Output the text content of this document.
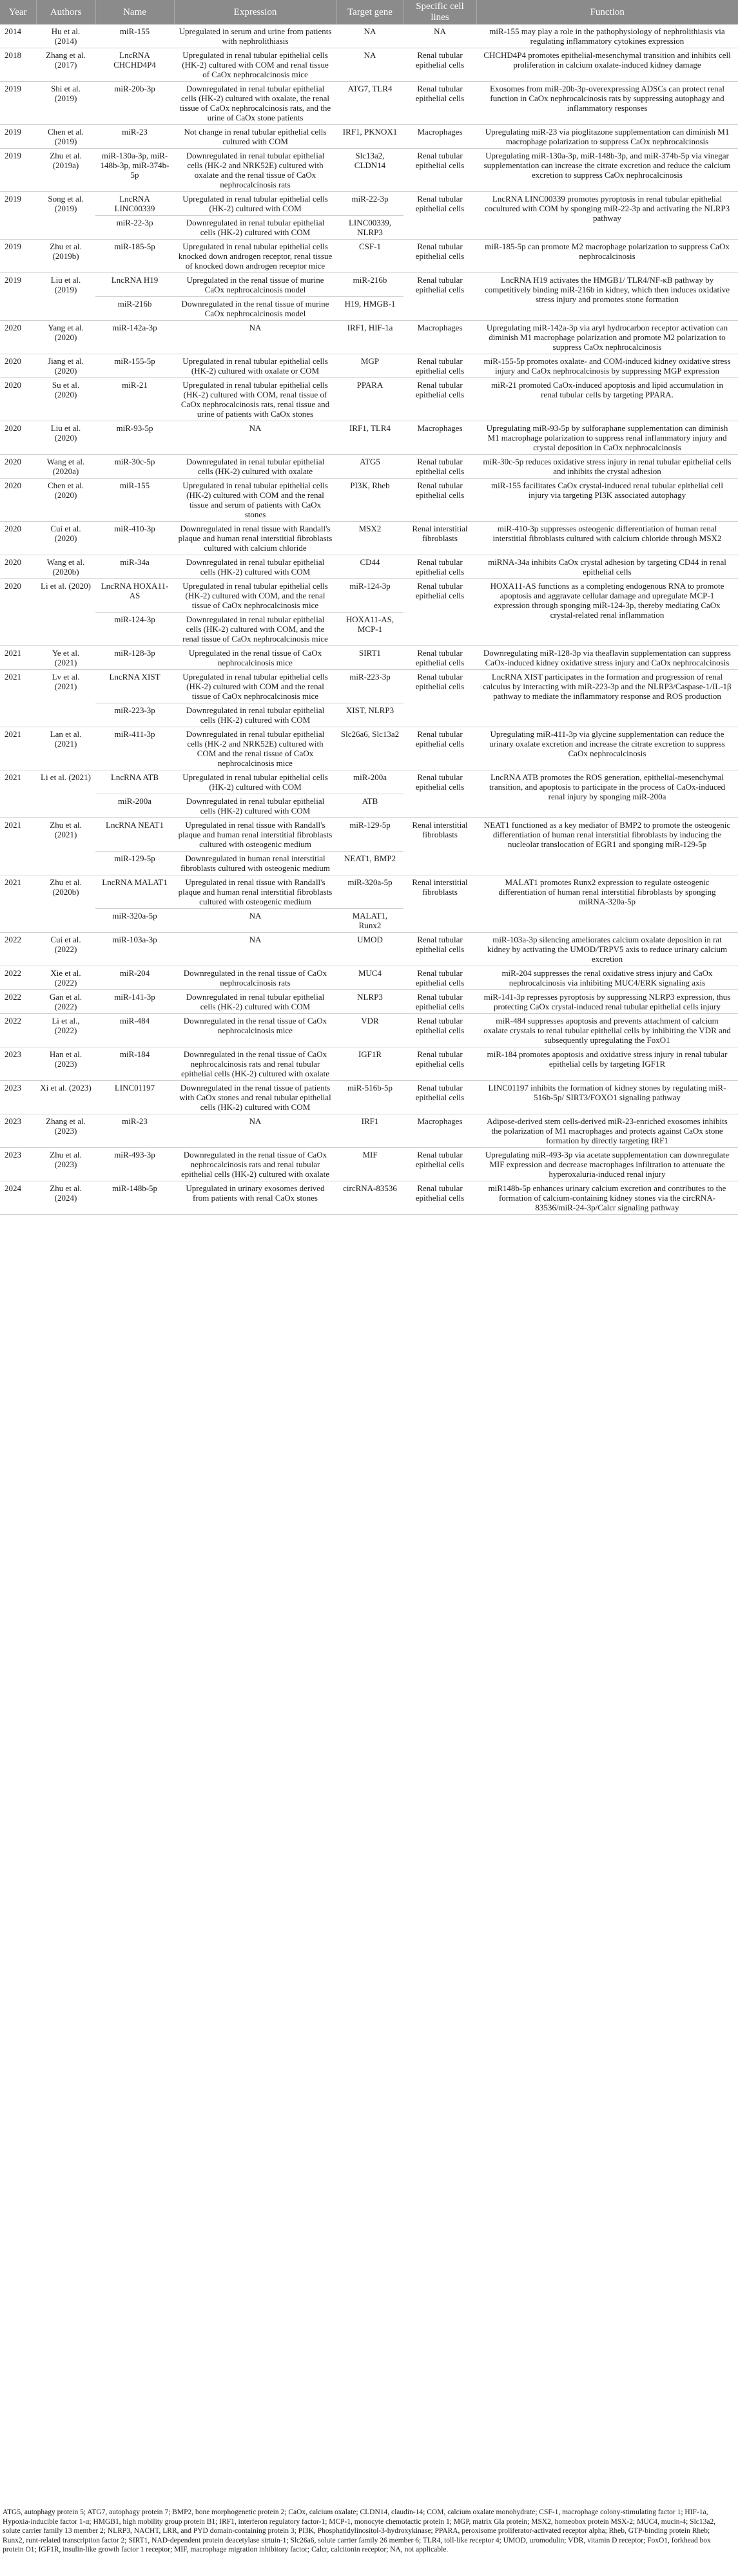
Year	Authors	Name	Expression	Target gene	Specific cell lines	Function
2014	Hu et al. (2014)	miR-155	Upregulated in serum and urine from patients with nephrolithiasis	NA	NA	miR-155 may play a role in the pathophysiology of nephrolithiasis via regulating inflammatory cytokines expression
2018	Zhang et al. (2017)	LncRNA CHCHD4P4	Upregulated in renal tubular epithelial cells (HK-2) cultured with COM and renal tissue of CaOx nephrocalcinosis mice	NA	Renal tubular epithelial cells	CHCHD4P4 promotes epithelial-mesenchymal transition and inhibits cell proliferation in calcium oxalate-induced kidney damage
2019	Shi et al. (2019)	miR-20b-3p	Downregulated in renal tubular epithelial cells (HK-2) cultured with oxalate, the renal tissue of CaOx nephrocalcinosis rats, and the urine of CaOx stone patients	ATG7, TLR4	Renal tubular epithelial cells	Exosomes from miR-20b-3p-overexpressing ADSCs can protect renal function in CaOx nephrocalcinosis rats by suppressing autophagy and inflammatory responses
2019	Chen et al. (2019)	miR-23	Not change in renal tubular epithelial cells cultured with COM	IRF1, PKNOX1	Macrophages	Upregulating miR-23 via pioglitazone supplementation can diminish M1 macrophage polarization to suppress CaOx nephrocalcinosis
2019	Zhu et al. (2019a)	miR-130a-3p, miR-148b-3p, miR-374b-5p	Downregulated in renal tubular epithelial cells (HK-2 and NRK52E) cultured with oxalate and the renal tissue of CaOx nephrocalcinosis rats	Slc13a2, CLDN14	Renal tubular epithelial cells	Upregulating miR-130a-3p, miR-148b-3p, and miR-374b-5p via vinegar supplementation can increase the citrate excretion and reduce the calcium excretion to suppress CaOx nephrocalcinosis
2019	Song et al. (2019)	LncRNA LINC00339	Upregulated in renal tubular epithelial cells (HK-2) cultured with COM	miR-22-3p	Renal tubular epithelial cells	LncRNA LINC00339 promotes pyroptosis in renal tubular epithelial cocultured with COM by sponging miR-22-3p and activating the NLRP3 pathway
		miR-22-3p	Downregulated in renal tubular epithelial cells (HK-2) cultured with COM	LINC00339, NLRP3		
2019	Zhu et al. (2019b)	miR-185-5p	Upregulated in renal tubular epithelial cells knocked down androgen receptor, renal tissue of knocked down androgen receptor mice	CSF-1	Renal tubular epithelial cells	miR-185-5p can promote M2 macrophage polarization to suppress CaOx nephrocalcinosis
2019	Liu et al. (2019)	LncRNA H19	Upregulated in the renal tissue of murine CaOx nephrocalcinosis model	miR-216b	Renal tubular epithelial cells	LncRNA H19 activates the HMGB1/ TLR4/NF-κB pathway by competitively binding miR-216b in kidney, which then induces oxidative stress injury and promotes stone formation
		miR-216b	Downregulated in the renal tissue of murine CaOx nephrocalcinosis model	H19, HMGB-1		
2020	Yang et al. (2020)	miR-142a-3p	NA	IRF1, HIF-1a	Macrophages	Upregulating miR-142a-3p via aryl hydrocarbon receptor activation can diminish M1 macrophage polarization and promote M2 polarization to suppress CaOx nephrocalcinosis
2020	Jiang et al. (2020)	miR-155-5p	Upregulated in renal tubular epithelial cells (HK-2) cultured with oxalate or COM	MGP	Renal tubular epithelial cells	miR-155-5p promotes oxalate- and COM-induced kidney oxidative stress injury and CaOx nephrocalcinosis by suppressing MGP expression
2020	Su et al. (2020)	miR-21	Upregulated in renal tubular epithelial cells (HK-2) cultured with COM, renal tissue of CaOx nephrocalcinosis rats, renal tissue and urine of patients with CaOx stones	PPARA	Renal tubular epithelial cells	miR-21 promoted CaOx-induced apoptosis and lipid accumulation in renal tubular cells by targeting PPARA.
2020	Liu et al. (2020)	miR-93-5p	NA	IRF1, TLR4	Macrophages	Upregulating miR-93-5p by sulforaphane supplementation can diminish M1 macrophage polarization to suppress renal inflammatory injury and crystal deposition in CaOx nephrocalcinosis
2020	Wang et al. (2020a)	miR-30c-5p	Downregulated in renal tubular epithelial cells (HK-2) cultured with oxalate	ATG5	Renal tubular epithelial cells	miR-30c-5p reduces oxidative stress injury in renal tubular epithelial cells and inhibits the crystal adhesion
2020	Chen et al. (2020)	miR-155	Upregulated in renal tubular epithelial cells (HK-2) cultured with COM and the renal tissue and serum of patients with CaOx stones	PI3K, Rheb	Renal tubular epithelial cells	miR-155 facilitates CaOx crystal-induced renal tubular epithelial cell injury via targeting PI3K associated autophagy
2020	Cui et al. (2020)	miR-410-3p	Downregulated in renal tissue with Randall's plaque and human renal interstitial fibroblasts cultured with calcium chloride	MSX2	Renal interstitial fibroblasts	miR-410-3p suppresses osteogenic differentiation of human renal interstitial fibroblasts cultured with calcium chloride through MSX2
2020	Wang et al. (2020b)	miR-34a	Downregulated in renal tubular epithelial cells (HK-2) cultured with COM	CD44	Renal tubular epithelial cells	miRNA-34a inhibits CaOx crystal adhesion by targeting CD44 in renal epithelial cells
2020	Li et al. (2020)	LncRNA HOXA11-AS	Upregulated in renal tubular epithelial cells (HK-2) cultured with COM, and the renal tissue of CaOx nephrocalcinosis mice	miR-124-3p	Renal tubular epithelial cells	HOXA11-AS functions as a completing endogenous RNA to promote apoptosis and aggravate cellular damage and upregulate MCP-1 expression through sponging miR-124-3p, thereby mediating CaOx crystal-related renal inflammation
		miR-124-3p	Downregulated in renal tubular epithelial cells (HK-2) cultured with COM, and the renal tissue of CaOx nephrocalcinosis mice	HOXA11-AS, MCP-1		
2021	Ye et al. (2021)	miR-128-3p	Upregulated in the renal tissue of CaOx nephrocalcinosis mice	SIRT1	Renal tubular epithelial cells	Downregulating miR-128-3p via theaflavin supplementation can suppress CaOx-induced kidney oxidative stress injury and CaOx nephrocalcinosis
2021	Lv et al. (2021)	LncRNA XIST	Upregulated in renal tubular epithelial cells (HK-2) cultured with COM and the renal tissue of CaOx nephrocalcinosis mice	miR-223-3p	Renal tubular epithelial cells	LncRNA XIST participates in the formation and progression of renal calculus by interacting with miR-223-3p and the NLRP3/Caspase-1/IL-1β pathway to mediate the inflammatory response and ROS production
		miR-223-3p	Downregulated in renal tubular epithelial cells (HK-2) cultured with COM	XIST, NLRP3		
2021	Lan et al. (2021)	miR-411-3p	Downregulated in renal tubular epithelial cells (HK-2 and NRK52E) cultured with COM and the renal tissue of CaOx nephrocalcinosis mice	Slc26a6, Slc13a2	Renal tubular epithelial cells	Upregulating miR-411-3p via glycine supplementation can reduce the urinary oxalate excretion and increase the citrate excretion to suppress CaOx nephrocalcinosis
2021	Li et al. (2021)	LncRNA ATB	Upregulated in renal tubular epithelial cells (HK-2) cultured with COM	miR-200a	Renal tubular epithelial cells	LncRNA ATB promotes the ROS generation, epithelial-mesenchymal transition, and apoptosis to participate in the process of CaOx-induced renal injury by sponging miR-200a
		miR-200a	Downregulated in renal tubular epithelial cells (HK-2) cultured with COM	ATB		
2021	Zhu et al. (2021)	LncRNA NEAT1	Upregulated in renal tissue with Randall's plaque and human renal interstitial fibroblasts cultured with osteogenic medium	miR-129-5p	Renal interstitial fibroblasts	NEAT1 functioned as a key mediator of BMP2 to promote the osteogenic differentiation of human renal interstitial fibroblasts by inducing the nucleolar translocation of EGR1 and sponging miR-129-5p
		miR-129-5p	Downregulated in human renal interstitial fibroblasts cultured with osteogenic medium	NEAT1, BMP2		
2021	Zhu et al. (2020b)	LncRNA MALAT1	Upregulated in renal tissue with Randall's plaque and human renal interstitial fibroblasts cultured with osteogenic medium	miR-320a-5p	Renal interstitial fibroblasts	MALAT1 promotes Runx2 expression to regulate osteogenic differentiation of human renal interstitial fibroblasts by sponging miRNA-320a-5p
		miR-320a-5p	NA	MALAT1, Runx2		
2022	Cui et al. (2022)	miR-103a-3p	NA	UMOD	Renal tubular epithelial cells	miR-103a-3p silencing ameliorates calcium oxalate deposition in rat kidney by activating the UMOD/TRPV5 axis to reduce urinary calcium excretion
2022	Xie et al. (2022)	miR-204	Downregulated in the renal tissue of CaOx nephrocalcinosis rats	MUC4	Renal tubular epithelial cells	miR-204 suppresses the renal oxidative stress injury and CaOx nephrocalcinosis via inhibiting MUC4/ERK signaling axis
2022	Gan et al. (2022)	miR-141-3p	Downregulated in renal tubular epithelial cells (HK-2) cultured with COM	NLRP3	Renal tubular epithelial cells	miR-141-3p represses pyroptosis by suppressing NLRP3 expression, thus protecting CaOx crystal-induced renal tubular epithelial cells injury
2022	Li et al., (2022)	miR-484	Downregulated in the renal tissue of CaOx nephrocalcinosis mice	VDR	Renal tubular epithelial cells	miR-484 suppresses apoptosis and prevents attachment of calcium oxalate crystals to renal tubular epithelial cells by inhibiting the VDR and subsequently upregulating the FoxO1
2023	Han et al. (2023)	miR-184	Downregulated in the renal tissue of CaOx nephrocalcinosis rats and renal tubular epithelial cells (HK-2) cultured with oxalate	IGF1R	Renal tubular epithelial cells	miR-184 promotes apoptosis and oxidative stress injury in renal tubular epithelial cells by targeting IGF1R
2023	Xi et al. (2023)	LINC01197	Downregulated in the renal tissue of patients with CaOx stones and renal tubular epithelial cells (HK-2) cultured with COM	miR-516b-5p	Renal tubular epithelial cells	LINC01197 inhibits the formation of kidney stones by regulating miR-516b-5p/ SIRT3/FOXO1 signaling pathway
2023	Zhang et al. (2023)	miR-23	NA	IRF1	Macrophages	Adipose-derived stem cells-derived miR-23-enriched exosomes inhibits the polarization of M1 macrophages and protects against CaOx stone formation by directly targeting IRF1
2023	Zhu et al. (2023)	miR-493-3p	Downregulated in the renal tissue of CaOx nephrocalcinosis rats and renal tubular epithelial cells (HK-2) cultured with oxalate	MIF	Renal tubular epithelial cells	Upregulating miR-493-3p via acetate supplementation can downregulate MIF expression and decrease macrophages infiltration to attenuate the hyperoxaluria-induced renal injury
2024	Zhu et al. (2024)	miR-148b-5p	Upregulated in urinary exosomes derived from patients with renal CaOx stones	circRNA-83536	Renal tubular epithelial cells	miR148b-5p enhances urinary calcium excretion and contributes to the formation of calcium-containing kidney stones via the circRNA-83536/miR-24-3p/Calcr signaling pathway
ATG5, autophagy protein 5; ATG7, autophagy protein 7; BMP2, bone morphogenetic protein 2; CaOx, calcium oxalate; CLDN14, claudin-14; COM, calcium oxalate monohydrate; CSF-1, macrophage colony-stimulating factor 1; HIF-1a, Hypoxia-inducible factor 1-α; HMGB1, high mobility group protein B1; IRF1, interferon regulatory factor-1; MCP-1, monocyte chemotactic protein 1; MGP, matrix Gla protein; MSX2, homeobox protein MSX-2; MUC4, mucin-4; Slc13a2, solute carrier family 13 member 2; NLRP3, NACHT, LRR, and PYD domain-containing protein 3; PI3K, Phosphatidylinositol-3-hydroxykinase; PPARA, peroxisome proliferator-activated receptor alpha; Rheb, GTP-binding protein Rheb; Runx2, runt-related transcription factor 2; SIRT1, NAD-dependent protein deacetylase sirtuin-1; Slc26a6, solute carrier family 26 member 6; TLR4, toll-like receptor 4; UMOD, uromodulin; VDR, vitamin D receptor; FoxO1, forkhead box protein O1; IGF1R, insulin-like growth factor 1 receptor; MIF, macrophage migration inhibitory factor; Calcr, calcitonin receptor; NA, not applicable.
